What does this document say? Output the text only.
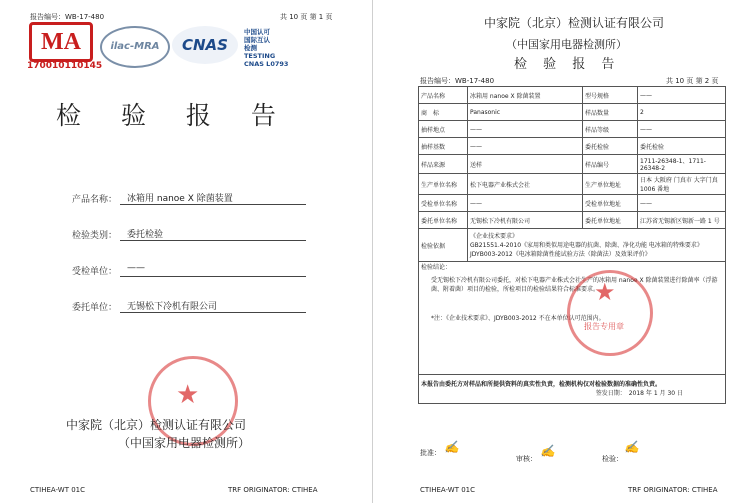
报告编号：WB-17-480	共 10 页 第 1 页
MA
170010110145
ilac-MRA	CNAS
中国认可
国际互认
检测
TESTING
CNAS L0793
检 验 报 告
产品名称： 冰箱用 nanoe X 除菌装置
检验类别： 委托检验
受检单位： ——
委托单位： 无锡松下冷机有限公司
★
中家院（北京）检测认证有限公司
（中国家用电器检测所）
CTIHEA-WT 01C	TRF ORIGINATOR: CTIHEA
中家院（北京）检测认证有限公司
（中国家用电器检测所）
检 验 报 告
报告编号：WB-17-480	共 10 页 第 2 页
产品名称	冰箱用 nanoe X 除菌装置	型号规格	——
商　标	Panasonic	样品数量	2
抽样地点	——	样品等级	——
抽样基数	——	委托检验	委托检验
样品来源	送样	样品编号	1711-26348-1、1711-26348-2
生产单位名称	松下电器产业株式会社	生产单位地址	日本 大阪府 门真市 大字门真 1006 番地
受检单位名称	——	受检单位地址	——
委托单位名称	无锡松下冷机有限公司	委托单位地址	江苏省无锡新区锡新一路 1 号
检验依据	《企业技术要求》
GB21551.4-2010《家用和类似用途电器的抗菌、除菌、净化功能 电冰箱的特殊要求》
JDYB003-2012《电冰箱除菌性能试验方法（除菌法）及效果评价》		

检验结论：
受无锡松下冷机有限公司委托，对松下电器产业株式会社生产的冰箱用 nanoe X 除菌装置进行除菌率（浮游菌、附着菌）项目的检验，所检项目的检验结果符合标准要求。
*注：《企业技术要求》、JDYB003-2012 不在本单位认可范围内。
★
报告专用章			

本报告由委托方对样品和所提供资料的真实性负责，检测机构仅对检验数据的准确性负责。
签发日期：　2018 年 1 月 30 日			
批准： ✍
审核：
✍
检验：
✍
CTIHEA-WT 01C	TRF ORIGINATOR: CTIHEA
